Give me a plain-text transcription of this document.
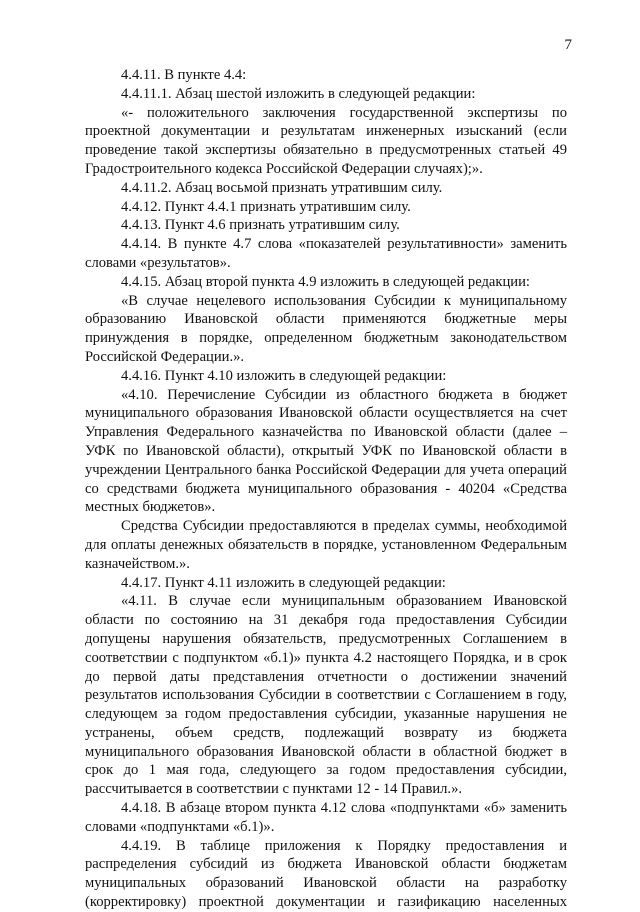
7

4.4.11. В пункте 4.4:

4.4.11.1. Абзац шестой изложить в следующей редакции:

«- положительного заключения государственной экспертизы по проектной документации и результатам инженерных изысканий (если проведение такой экспертизы обязательно в предусмотренных статьей 49 Градостроительного кодекса Российской Федерации случаях);».

4.4.11.2. Абзац восьмой признать утратившим силу.

4.4.12. Пункт 4.4.1 признать утратившим силу.

4.4.13. Пункт 4.6 признать утратившим силу.

4.4.14. В пункте 4.7 слова «показателей результативности» заменить словами «результатов».

4.4.15. Абзац второй пункта 4.9 изложить в следующей редакции:

«В случае нецелевого использования Субсидии к муниципальному образованию Ивановской области применяются бюджетные меры принуждения в порядке, определенном бюджетным законодательством Российской Федерации.».

4.4.16. Пункт 4.10 изложить в следующей редакции:

«4.10. Перечисление Субсидии из областного бюджета в бюджет муниципального образования Ивановской области осуществляется на счет Управления Федерального казначейства по Ивановской области (далее – УФК по Ивановской области), открытый УФК по Ивановской области в учреждении Центрального банка Российской Федерации для учета операций со средствами бюджета муниципального образования - 40204 «Средства местных бюджетов».

Средства Субсидии предоставляются в пределах суммы, необходимой для оплаты денежных обязательств в порядке, установленном Федеральным казначейством.».

4.4.17. Пункт 4.11 изложить в следующей редакции:

«4.11. В случае если муниципальным образованием Ивановской области по состоянию на 31 декабря года предоставления Субсидии допущены нарушения обязательств, предусмотренных Соглашением в соответствии с подпунктом «б.1)» пункта 4.2 настоящего Порядка, и в срок до первой даты представления отчетности о достижении значений результатов использования Субсидии в соответствии с Соглашением в году, следующем за годом предоставления субсидии, указанные нарушения не устранены, объем средств, подлежащий возврату из бюджета муниципального образования Ивановской области в областной бюджет в срок до 1 мая года, следующего за годом предоставления субсидии, рассчитывается в соответствии с пунктами 12 - 14 Правил.».

4.4.18. В абзаце втором пункта 4.12 слова «подпунктами «б» заменить словами «подпунктами «б.1)».

4.4.19. В таблице приложения к Порядку предоставления и распределения субсидий из бюджета Ивановской области бюджетам муниципальных образований Ивановской области на разработку (корректировку) проектной документации и газификацию населенных
